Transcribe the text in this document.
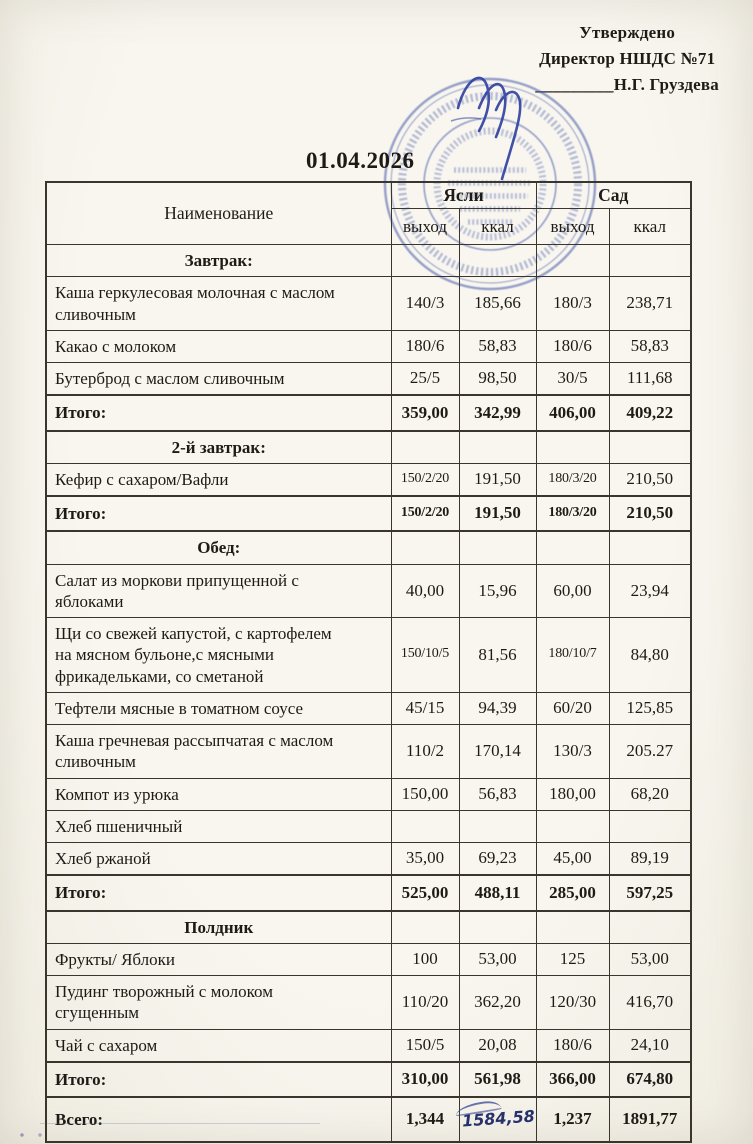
Утверждено
Директор НШДС №71
_________Н.Г. Груздева
01.04.2026
Наименование	Ясли		Сад	
	выход	ккал	выход	ккал
Завтрак:				
Каша геркулесовая молочная с маслом
сливочным	140/3	185,66	180/3	238,71
Какао с молоком	180/6	58,83	180/6	58,83
Бутерброд с маслом сливочным	25/5	98,50	30/5	111,68
Итого:	359,00	342,99	406,00	409,22
2-й завтрак:				
Кефир с сахаром/Вафли	150/2/20	191,50	180/3/20	210,50
Итого:	150/2/20	191,50	180/3/20	210,50
Обед:				
Салат из моркови припущенной с
яблоками	40,00	15,96	60,00	23,94
Щи со свежей капустой, с картофелем
на мясном бульоне,с мясными
фрикадельками, со сметаной	150/10/5	81,56	180/10/7	84,80
Тефтели мясные в томатном соусе	45/15	94,39	60/20	125,85
Каша гречневая рассыпчатая с маслом
сливочным	110/2	170,14	130/3	205.27
Компот из урюка	150,00	56,83	180,00	68,20
Хлеб пшеничный				
Хлеб ржаной	35,00	69,23	45,00	89,19
Итого:	525,00	488,11	285,00	597,25
Полдник				
Фрукты/ Яблоки	100	53,00	125	53,00
Пудинг творожный с молоком
сгущенным	110/20	362,20	120/30	416,70
Чай с сахаром	150/5	20,08	180/6	24,10
Итого:	310,00	561,98	366,00	674,80
Всего:	1,344	1584,58	1,237	1891,77
